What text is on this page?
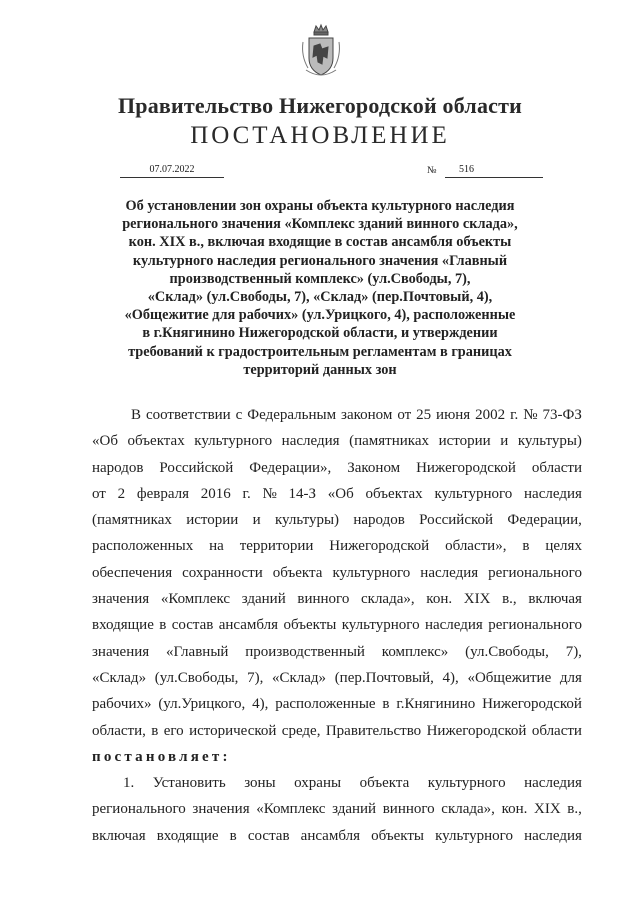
Правительство Нижегородской области
ПОСТАНОВЛЕНИЕ
07.07.2022	№	516
Об установлении зон охраны объекта культурного наследия
регионального значения «Комплекс зданий винного склада»,
кон. XIX в., включая входящие в состав ансамбля объекты
культурного наследия регионального значения «Главный
производственный комплекс» (ул.Свободы, 7),
«Склад» (ул.Свободы, 7), «Склад» (пер.Почтовый, 4),
«Общежитие для рабочих» (ул.Урицкого, 4), расположенные
в г.Княгинино Нижегородской области, и утверждении
требований к градостроительным регламентам в границах
территорий данных зон
В соответствии с Федеральным законом от 25 июня 2002 г. № 73-ФЗ
«Об объектах культурного наследия (памятниках истории и культуры)
народов Российской Федерации», Законом Нижегородской области
от 2 февраля 2016 г. № 14-З «Об объектах культурного наследия
(памятниках истории и культуры) народов Российской Федерации,
расположенных на территории Нижегородской области», в целях
обеспечения сохранности объекта культурного наследия регионального
значения «Комплекс зданий винного склада», кон. XIX в., включая
входящие в состав ансамбля объекты культурного наследия регионального
значения «Главный производственный комплекс» (ул.Свободы, 7),
«Склад» (ул.Свободы, 7), «Склад» (пер.Почтовый, 4), «Общежитие для
рабочих» (ул.Урицкого, 4), расположенные в г.Княгинино Нижегородской
области, в его исторической среде, Правительство Нижегородской области
постановляет:
1. Установить зоны охраны объекта культурного наследия
регионального значения «Комплекс зданий винного склада», кон. XIX в.,
включая входящие в состав ансамбля объекты культурного наследия
